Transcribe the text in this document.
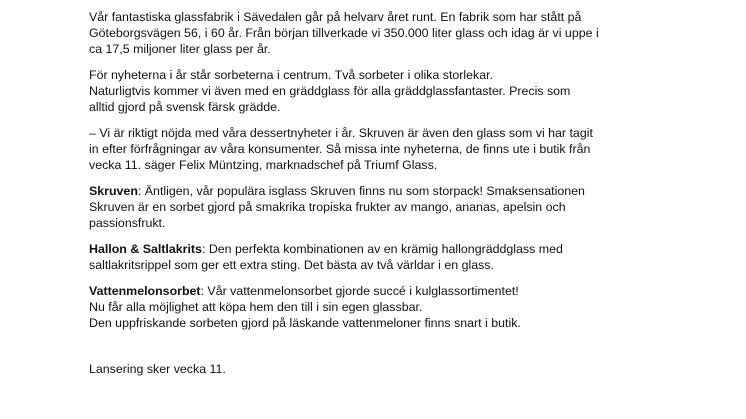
Vår fantastiska glassfabrik i Sävedalen går på helvarv året runt. En fabrik som har stått på
Göteborgsvägen 56, i 60 år. Från början tillverkade vi 350.000 liter glass och idag är vi uppe i
ca 17,5 miljoner liter glass per år.

För nyheterna i år står sorbeterna i centrum. Två sorbeter i olika storlekar.
Naturligtvis kommer vi även med en gräddglass för alla gräddglassfantaster. Precis som
alltid gjord på svensk färsk grädde.

– Vi är riktigt nöjda med våra dessertnyheter i år. Skruven är även den glass som vi har tagit
in efter förfrågningar av våra konsumenter. Så missa inte nyheterna, de finns ute i butik från
vecka 11. säger Felix Müntzing, marknadschef på Triumf Glass.

Skruven: Äntligen, vår populära isglass Skruven finns nu som storpack! Smaksensationen
Skruven är en sorbet gjord på smakrika tropiska frukter av mango, ananas, apelsin och
passionsfrukt.

Hallon & Saltlakrits: Den perfekta kombinationen av en krämig hallongräddglass med
saltlakritsrippel som ger ett extra sting. Det bästa av två världar i en glass.

Vattenmelonsorbet: Vår vattenmelonsorbet gjorde succé i kulglassortimentet!
Nu får alla möjlighet att köpa hem den till i sin egen glassbar.
Den uppfriskande sorbeten gjord på läskande vattenmeloner finns snart i butik.

Lansering sker vecka 11.
